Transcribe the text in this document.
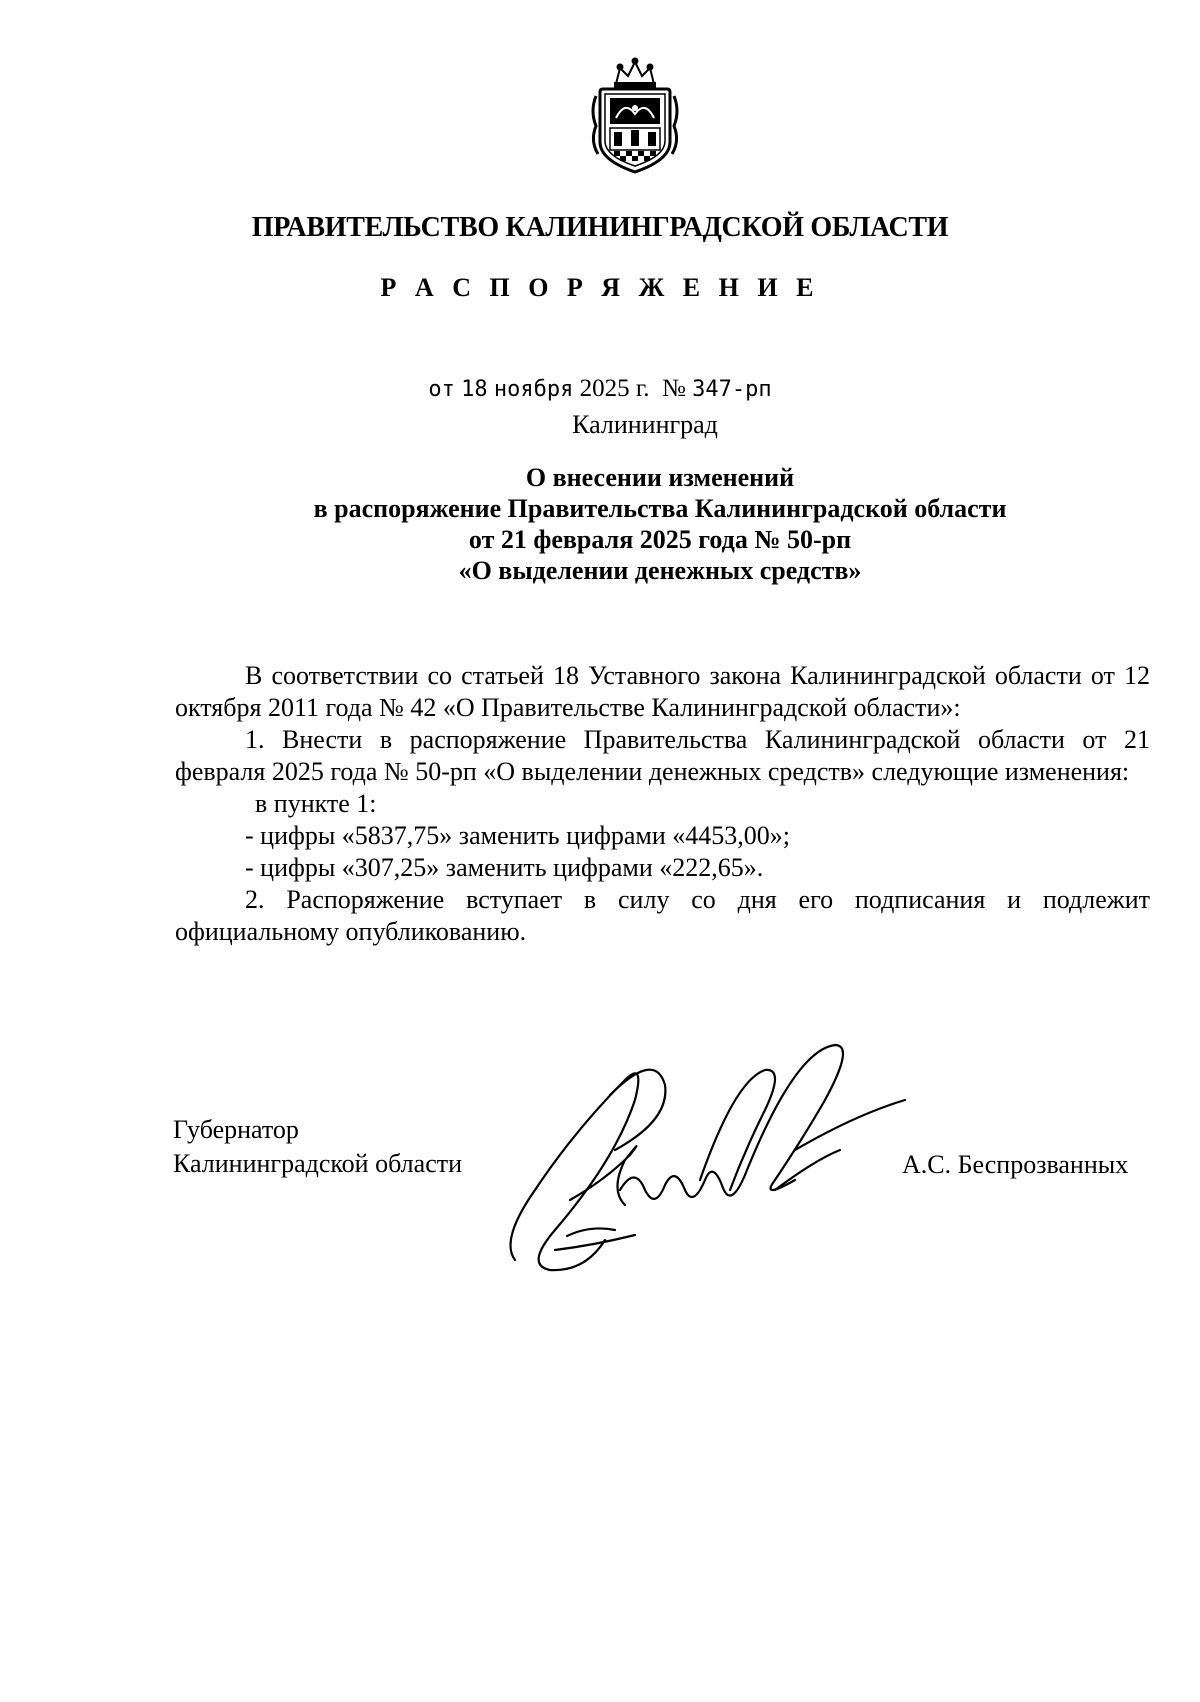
ПРАВИТЕЛЬСТВО КАЛИНИНГРАДСКОЙ ОБЛАСТИ
Р А С П О Р Я Ж Е Н И Е
от 18 ноября 2025 г. № 347-рп
Калининград
О внесении изменений
в распоряжение Правительства Калининградской области
от 21 февраля 2025 года № 50-рп
«О выделении денежных средств»

В соответствии со статьей 18 Уставного закона Калининградской области от 12 октября 2011 года № 42 «О Правительстве Калининградской области»:

1. Внести в распоряжение Правительства Калининградской области от 21 февраля 2025 года № 50-рп «О выделении денежных средств» следующие изменения:

в пункте 1:

- цифры «5837,75» заменить цифрами «4453,00»;

- цифры «307,25» заменить цифрами «222,65».

2. Распоряжение вступает в силу со дня его подписания и подлежит официальному опубликованию.

Губернатор
Калининградской области	А.С. Беспрозванных
